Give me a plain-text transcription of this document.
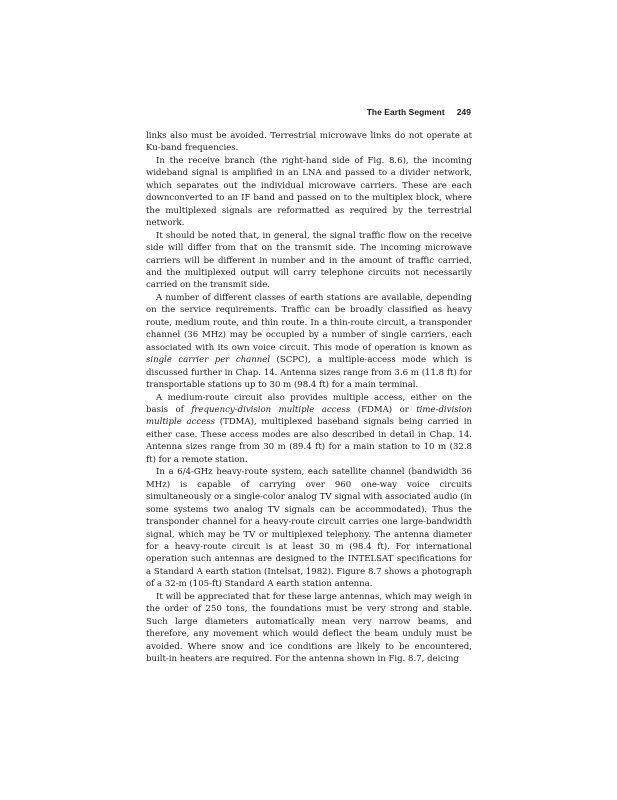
The Earth Segment 249

links also must be avoided. Terrestrial microwave links do not operate at Ku-band frequencies.

In the receive branch (the right-hand side of Fig. 8.6), the incoming wideband signal is amplified in an LNA and passed to a divider network, which separates out the individual microwave carriers. These are each downconverted to an IF band and passed on to the multiplex block, where the multiplexed signals are reformatted as required by the terrestrial network.

It should be noted that, in general, the signal traffic flow on the receive side will differ from that on the transmit side. The incoming microwave carriers will be different in number and in the amount of traffic carried, and the multiplexed output will carry telephone circuits not necessarily carried on the transmit side.

A number of different classes of earth stations are available, depending on the service requirements. Traffic can be broadly classified as heavy route, medium route, and thin route. In a thin-route circuit, a transponder channel (36 MHz) may be occupied by a number of single carriers, each associated with its own voice circuit. This mode of operation is known as single carrier per channel (SCPC), a multiple-access mode which is discussed further in Chap. 14. Antenna sizes range from 3.6 m (11.8 ft) for transportable stations up to 30 m (98.4 ft) for a main terminal.

A medium-route circuit also provides multiple access, either on the basis of frequency-division multiple access (FDMA) or time-division multiple access (TDMA), multiplexed baseband signals being carried in either case. These access modes are also described in detail in Chap. 14. Antenna sizes range from 30 m (89.4 ft) for a main station to 10 m (32.8 ft) for a remote station.

In a 6/4-GHz heavy-route system, each satellite channel (bandwidth 36 MHz) is capable of carrying over 960 one-way voice circuits simultaneously or a single-color analog TV signal with associated audio (in some systems two analog TV signals can be accommodated). Thus the transponder channel for a heavy-route circuit carries one large-bandwidth signal, which may be TV or multiplexed telephony. The antenna diameter for a heavy-route circuit is at least 30 m (98.4 ft). For international operation such antennas are designed to the INTELSAT specifications for a Standard A earth station (Intelsat, 1982). Figure 8.7 shows a photograph of a 32-m (105-ft) Standard A earth station antenna.

It will be appreciated that for these large antennas, which may weigh in the order of 250 tons, the foundations must be very strong and stable. Such large diameters automatically mean very narrow beams, and therefore, any movement which would deflect the beam unduly must be avoided. Where snow and ice conditions are likely to be encountered, built-in heaters are required. For the antenna shown in Fig. 8.7, deicing
